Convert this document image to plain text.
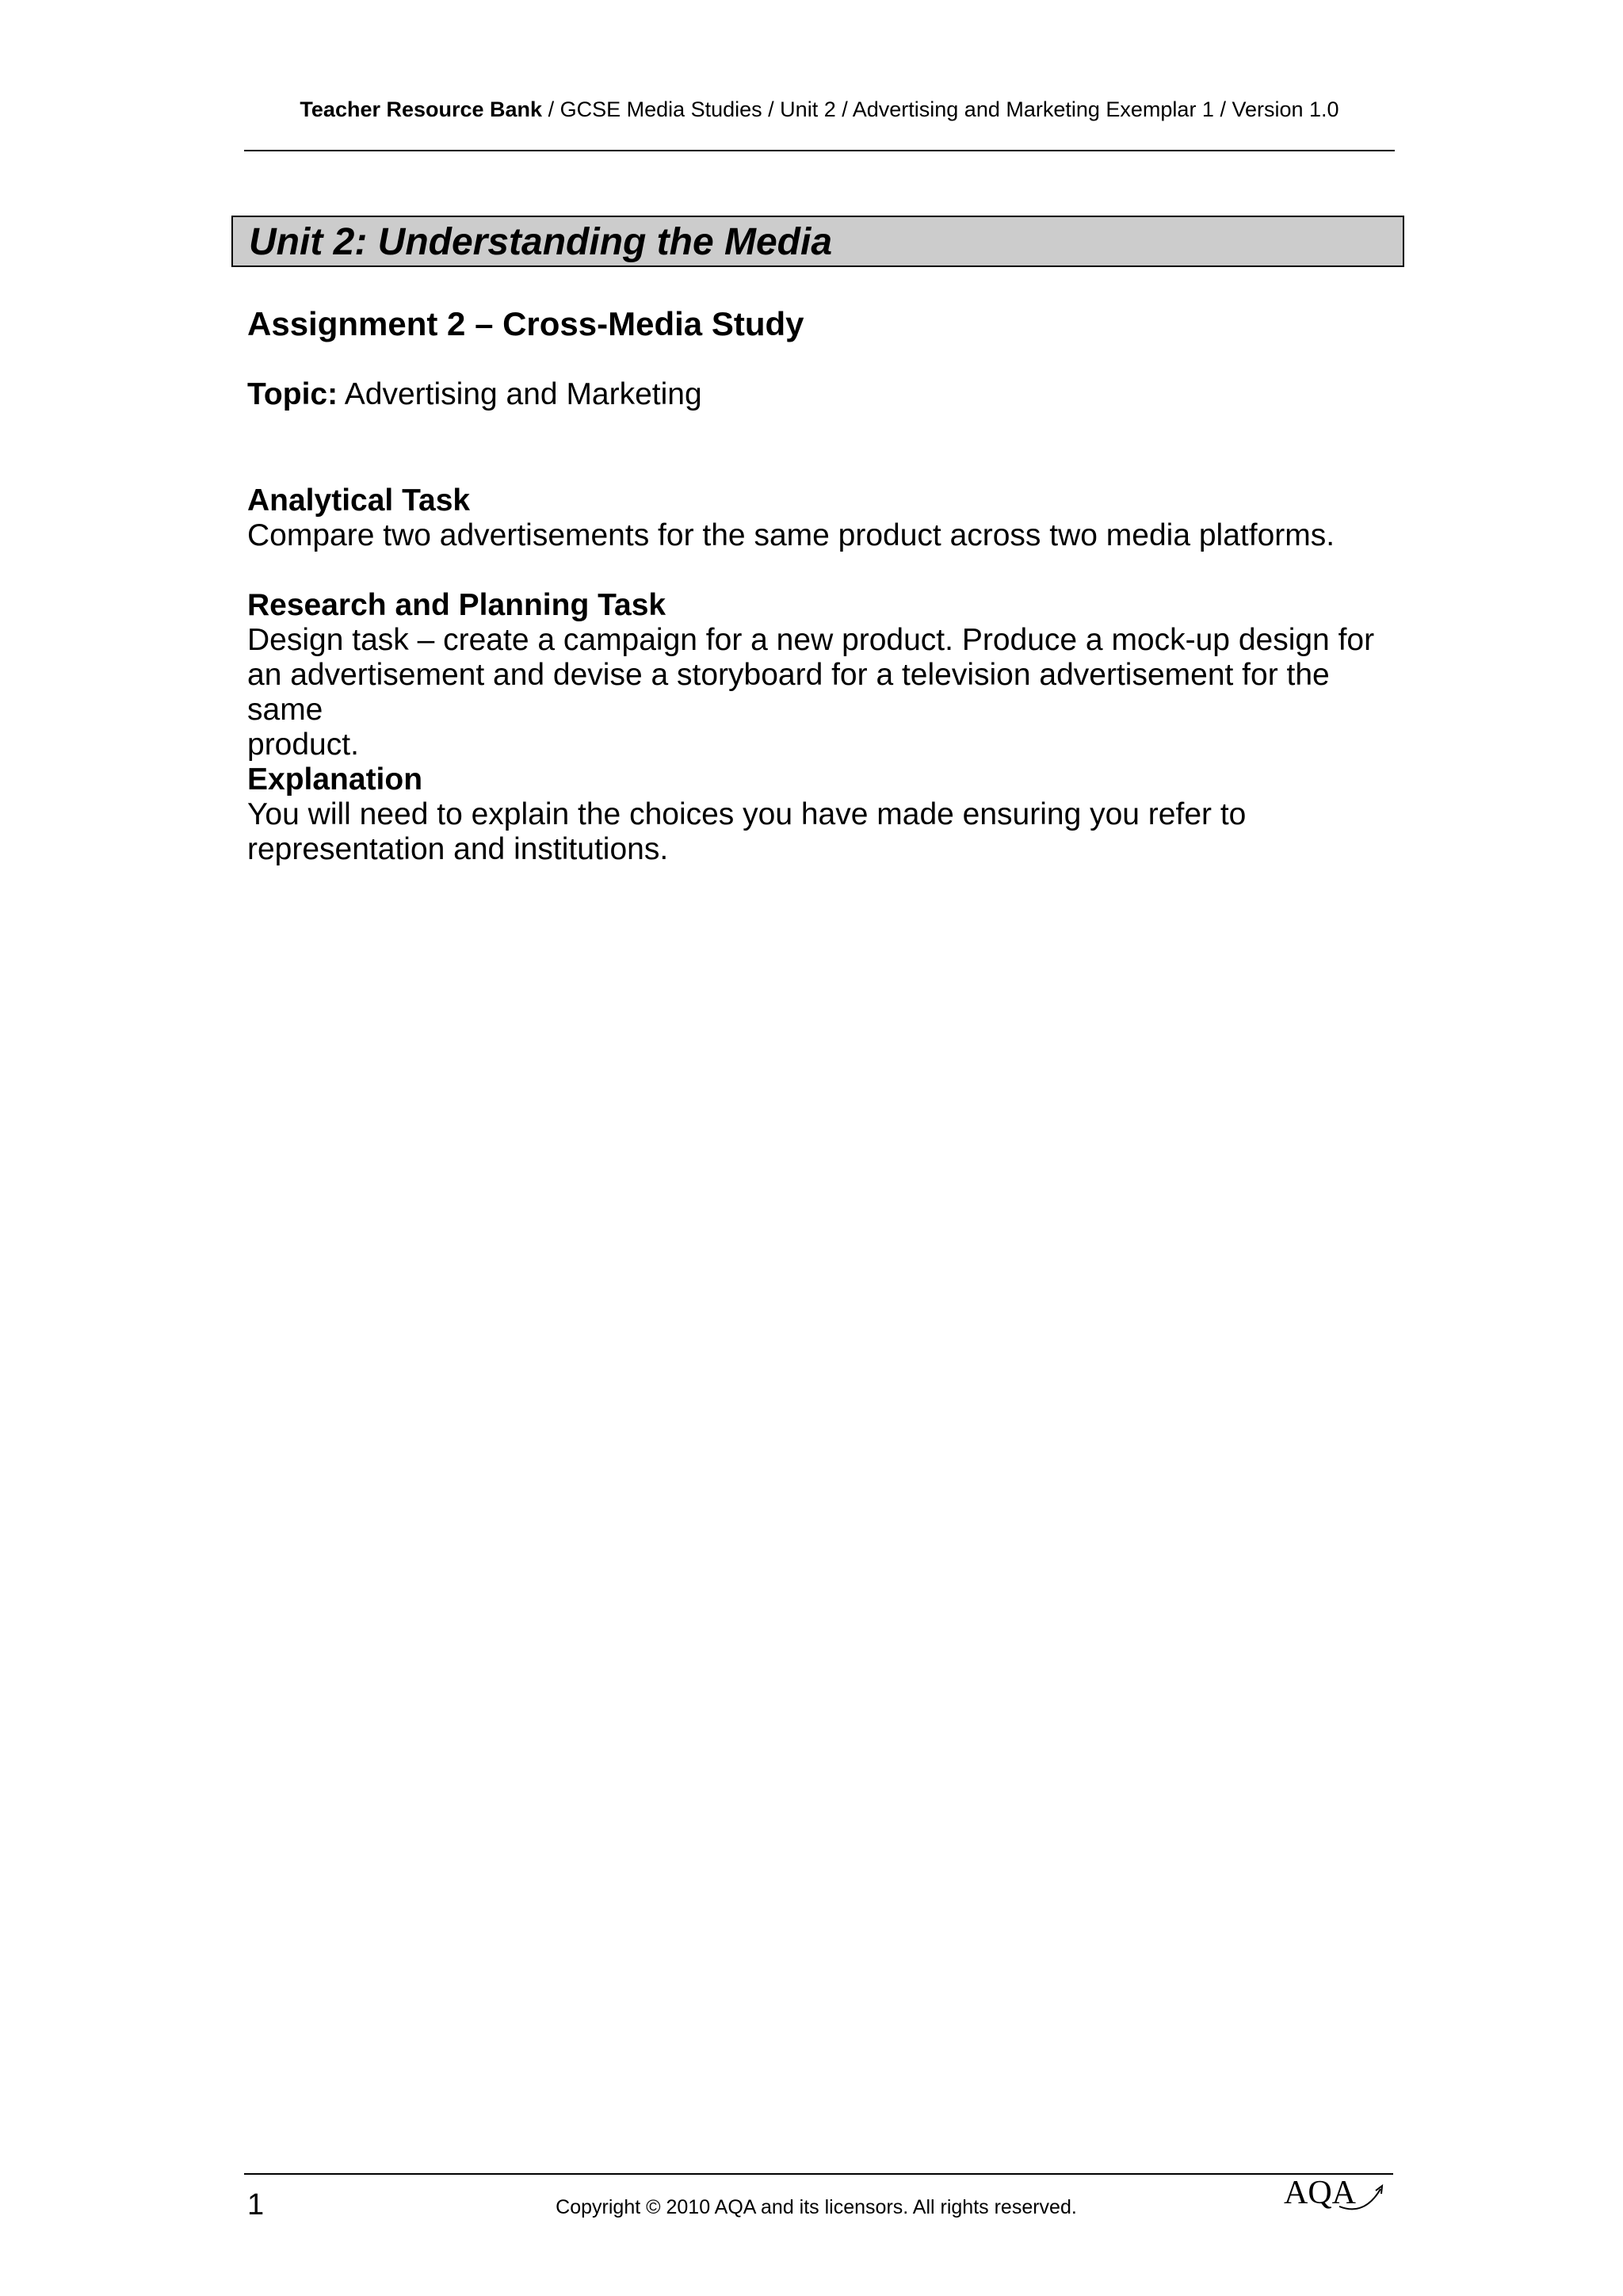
Teacher Resource Bank / GCSE Media Studies / Unit 2 / Advertising and Marketing Exemplar 1 / Version 1.0
Unit 2: Understanding the Media
Assignment 2 – Cross-Media Study
Topic: Advertising and Marketing
Analytical Task
Compare two advertisements for the same product across two media platforms.
Research and Planning Task
Design task – create a campaign for a new product. Produce a mock-up design for
an advertisement and devise a storyboard for a television advertisement for the same
product.
Explanation
You will need to explain the choices you have made ensuring you refer to
representation and institutions.
1	Copyright © 2010 AQA and its licensors. All rights reserved.	AQA
